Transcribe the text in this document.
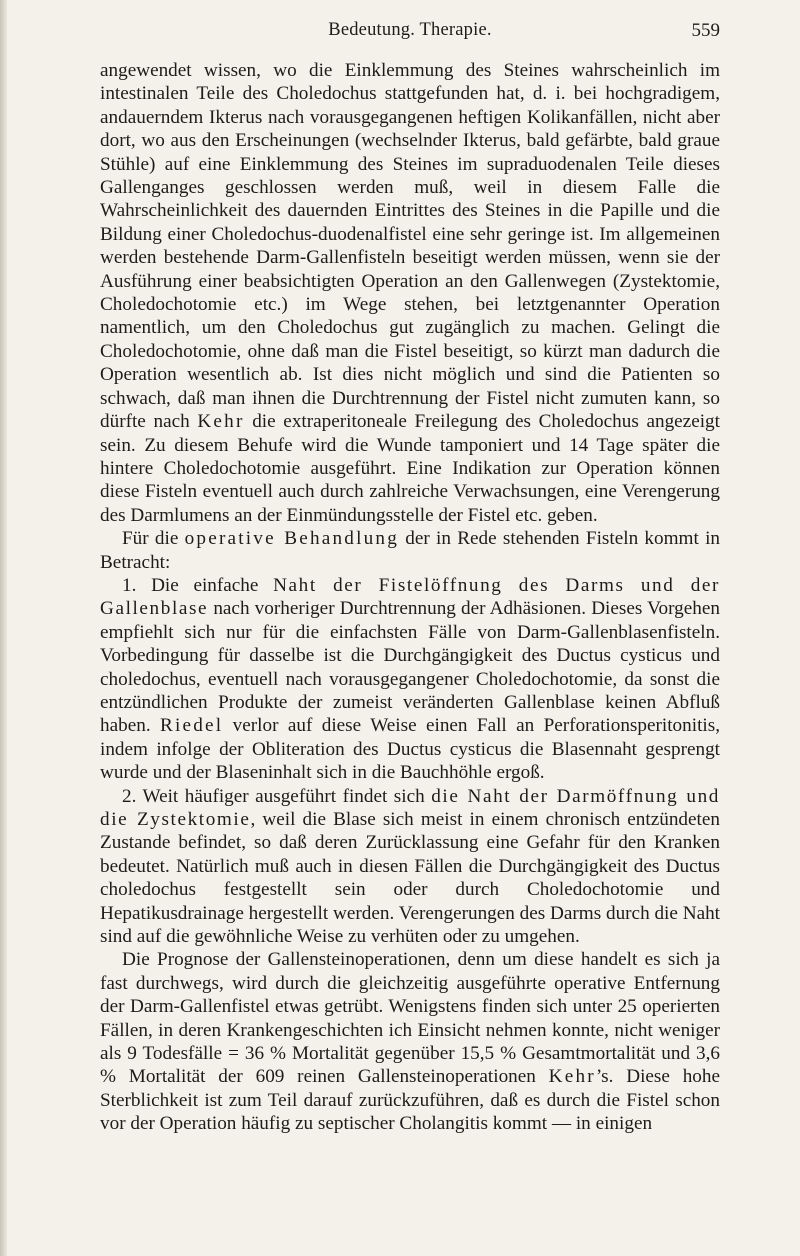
Bedeutung. Therapie.	559

angewendet wissen, wo die Einklemmung des Steines wahrscheinlich im intestinalen Teile des Choledochus stattgefunden hat, d. i. bei hochgradigem, andauerndem Ikterus nach vorausgegangenen heftigen Kolikanfällen, nicht aber dort, wo aus den Erscheinungen (wechselnder Ikterus, bald gefärbte, bald graue Stühle) auf eine Einklemmung des Steines im supraduodenalen Teile dieses Gallenganges geschlossen werden muß, weil in diesem Falle die Wahrscheinlichkeit des dauernden Eintrittes des Steines in die Papille und die Bildung einer Choledochus-duodenalfistel eine sehr geringe ist. Im allgemeinen werden bestehende Darm-Gallenfisteln beseitigt werden müssen, wenn sie der Ausführung einer beabsichtigten Operation an den Gallenwegen (Zystektomie, Choledochotomie etc.) im Wege stehen, bei letztgenannter Operation namentlich, um den Choledochus gut zugänglich zu machen. Gelingt die Choledochotomie, ohne daß man die Fistel beseitigt, so kürzt man dadurch die Operation wesentlich ab. Ist dies nicht möglich und sind die Patienten so schwach, daß man ihnen die Durchtrennung der Fistel nicht zumuten kann, so dürfte nach Kehr die extraperitoneale Freilegung des Choledochus angezeigt sein. Zu diesem Behufe wird die Wunde tamponiert und 14 Tage später die hintere Choledochotomie ausgeführt. Eine Indikation zur Operation können diese Fisteln eventuell auch durch zahlreiche Verwachsungen, eine Verengerung des Darmlumens an der Einmündungsstelle der Fistel etc. geben.

Für die operative Behandlung der in Rede stehenden Fisteln kommt in Betracht:

1. Die einfache Naht der Fistelöffnung des Darms und der Gallenblase nach vorheriger Durchtrennung der Adhäsionen. Dieses Vorgehen empfiehlt sich nur für die einfachsten Fälle von Darm-Gallenblasenfisteln. Vorbedingung für dasselbe ist die Durchgängigkeit des Ductus cysticus und choledochus, eventuell nach vorausgegangener Choledochotomie, da sonst die entzündlichen Produkte der zumeist veränderten Gallenblase keinen Abfluß haben. Riedel verlor auf diese Weise einen Fall an Perforationsperitonitis, indem infolge der Obliteration des Ductus cysticus die Blasennaht gesprengt wurde und der Blaseninhalt sich in die Bauchhöhle ergoß.

2. Weit häufiger ausgeführt findet sich die Naht der Darmöffnung und die Zystektomie, weil die Blase sich meist in einem chronisch entzündeten Zustande befindet, so daß deren Zurücklassung eine Gefahr für den Kranken bedeutet. Natürlich muß auch in diesen Fällen die Durchgängigkeit des Ductus choledochus festgestellt sein oder durch Choledochotomie und Hepatikusdrainage hergestellt werden. Verengerungen des Darms durch die Naht sind auf die gewöhnliche Weise zu verhüten oder zu umgehen.

Die Prognose der Gallensteinoperationen, denn um diese handelt es sich ja fast durchwegs, wird durch die gleichzeitig ausgeführte operative Entfernung der Darm-Gallenfistel etwas getrübt. Wenigstens finden sich unter 25 operierten Fällen, in deren Krankengeschichten ich Einsicht nehmen konnte, nicht weniger als 9 Todesfälle = 36 % Mortalität gegenüber 15,5 % Gesamtmortalität und 3,6 % Mortalität der 609 reinen Gallensteinoperationen Kehr’s. Diese hohe Sterblichkeit ist zum Teil darauf zurückzuführen, daß es durch die Fistel schon vor der Operation häufig zu septischer Cholangitis kommt — in einigen
